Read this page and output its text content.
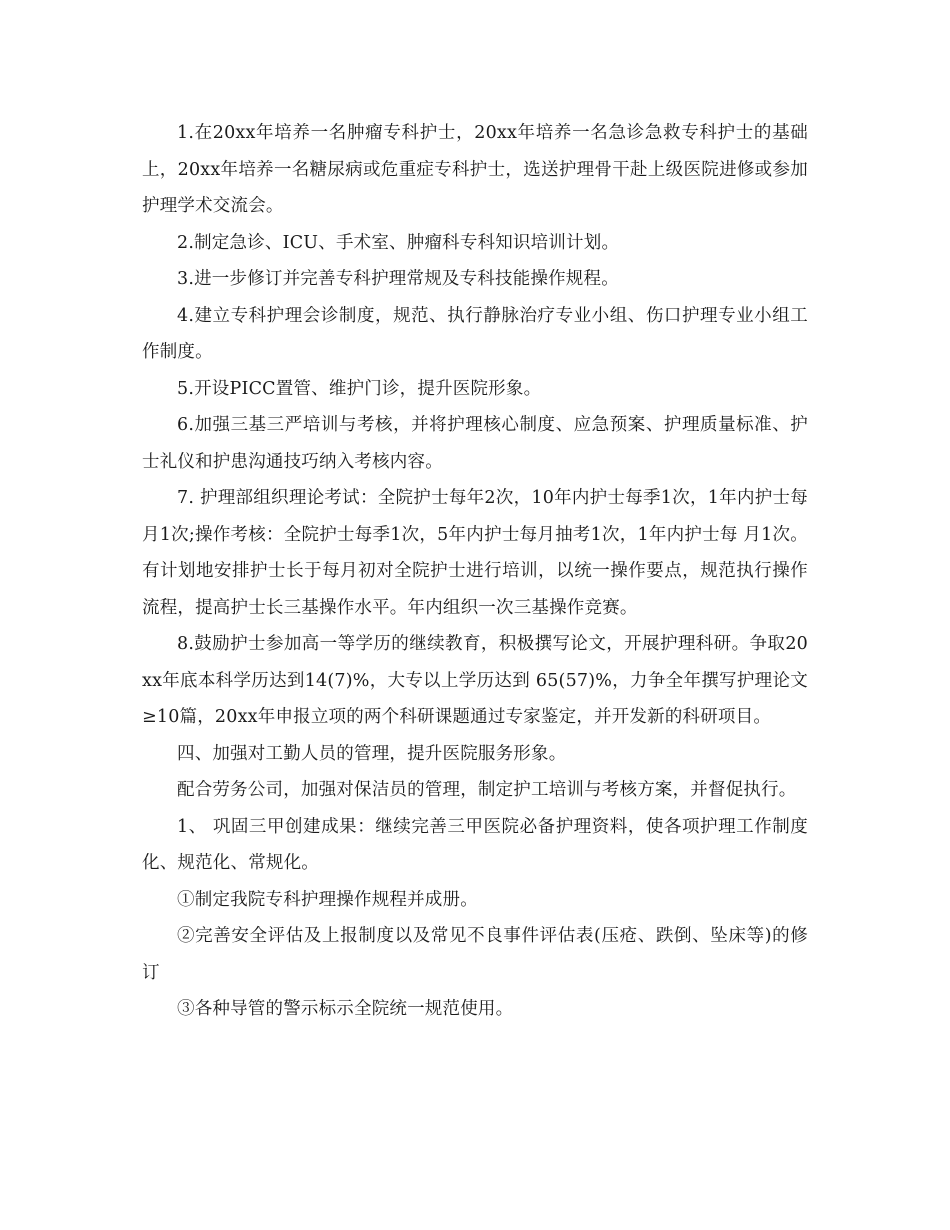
1.在20xx年培养一名肿瘤专科护士，20xx年培养一名急诊急救专科护士的基础上，20xx年培养一名糖尿病或危重症专科护士，选送护理骨干赴上级医院进修或参加护理学术交流会。

2.制定急诊、ICU、手术室、肿瘤科专科知识培训计划。

3.进一步修订并完善专科护理常规及专科技能操作规程。

4.建立专科护理会诊制度，规范、执行静脉治疗专业小组、伤口护理专业小组工作制度。

5.开设PICC置管、维护门诊，提升医院形象。

6.加强三基三严培训与考核，并将护理核心制度、应急预案、护理质量标准、护士礼仪和护患沟通技巧纳入考核内容。

7. 护理部组织理论考试：全院护士每年2次，10年内护士每季1次，1年内护士每月1次;操作考核：全院护士每季1次，5年内护士每月抽考1次，1年内护士每 月1次。有计划地安排护士长于每月初对全院护士进行培训，以统一操作要点，规范执行操作流程，提高护士长三基操作水平。年内组织一次三基操作竞赛。

8.鼓励护士参加高一等学历的继续教育，积极撰写论文，开展护理科研。争取20xx年底本科学历达到14(7)%，大专以上学历达到 65(57)%，力争全年撰写护理论文≥10篇，20xx年申报立项的两个科研课题通过专家鉴定，并开发新的科研项目。

四、加强对工勤人员的管理，提升医院服务形象。

配合劳务公司，加强对保洁员的管理，制定护工培训与考核方案，并督促执行。

1、 巩固三甲创建成果：继续完善三甲医院必备护理资料，使各项护理工作制度化、规范化、常规化。

①制定我院专科护理操作规程并成册。

②完善安全评估及上报制度以及常见不良事件评估表(压疮、跌倒、坠床等)的修订

③各种导管的警示标示全院统一规范使用。
